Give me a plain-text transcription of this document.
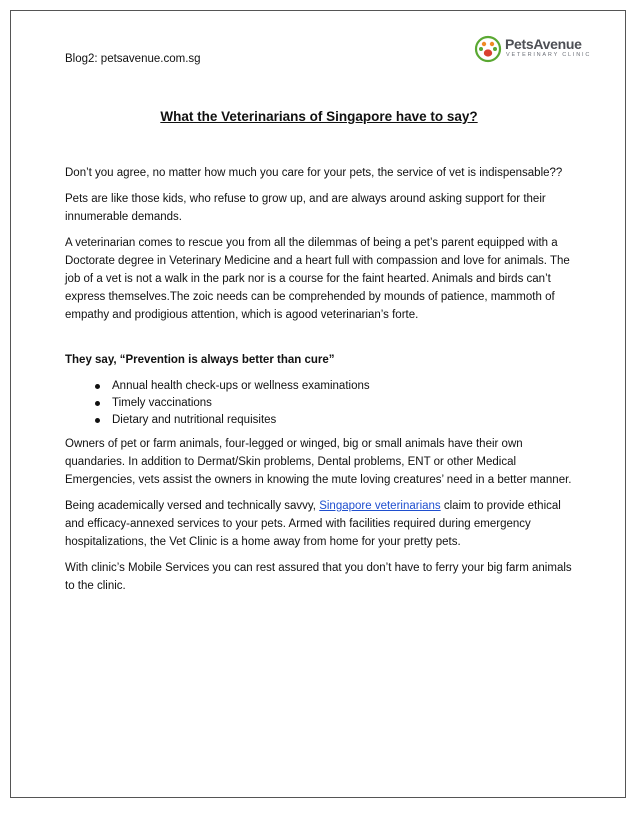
Blog2: petsavenue.com.sg
PetsAvenue
VETERINARY CLINIC
What the Veterinarians of Singapore have to say?

Don’t you agree, no matter how much you care for your pets, the service of vet is indispensable??

Pets are like those kids, who refuse to grow up, and are always around asking support for their innumerable demands.

A veterinarian comes to rescue you from all the dilemmas of being a pet’s parent equipped with a Doctorate degree in Veterinary Medicine and a heart full with compassion and love for animals. The job of a vet is not a walk in the park nor is a course for the faint hearted. Animals and birds can’t express themselves.The zoic needs can be comprehended by mounds of patience, mammoth of empathy and prodigious attention, which is agood veterinarian’s forte.

They say, “Prevention is always better than cure”

Annual health check-ups or wellness examinations
Timely vaccinations
Dietary and nutritional requisites

Owners of pet or farm animals, four-legged or winged, big or small animals have their own quandaries. In addition to Dermat/Skin problems, Dental problems, ENT or other Medical Emergencies, vets assist the owners in knowing the mute loving creatures’ need in a better manner.

Being academically versed and technically savvy, Singapore veterinarians claim to provide ethical and efficacy-annexed services to your pets. Armed with facilities required during emergency hospitalizations, the Vet Clinic is a home away from home for your pretty pets.

With clinic’s Mobile Services you can rest assured that you don’t have to ferry your big farm animals to the clinic.
